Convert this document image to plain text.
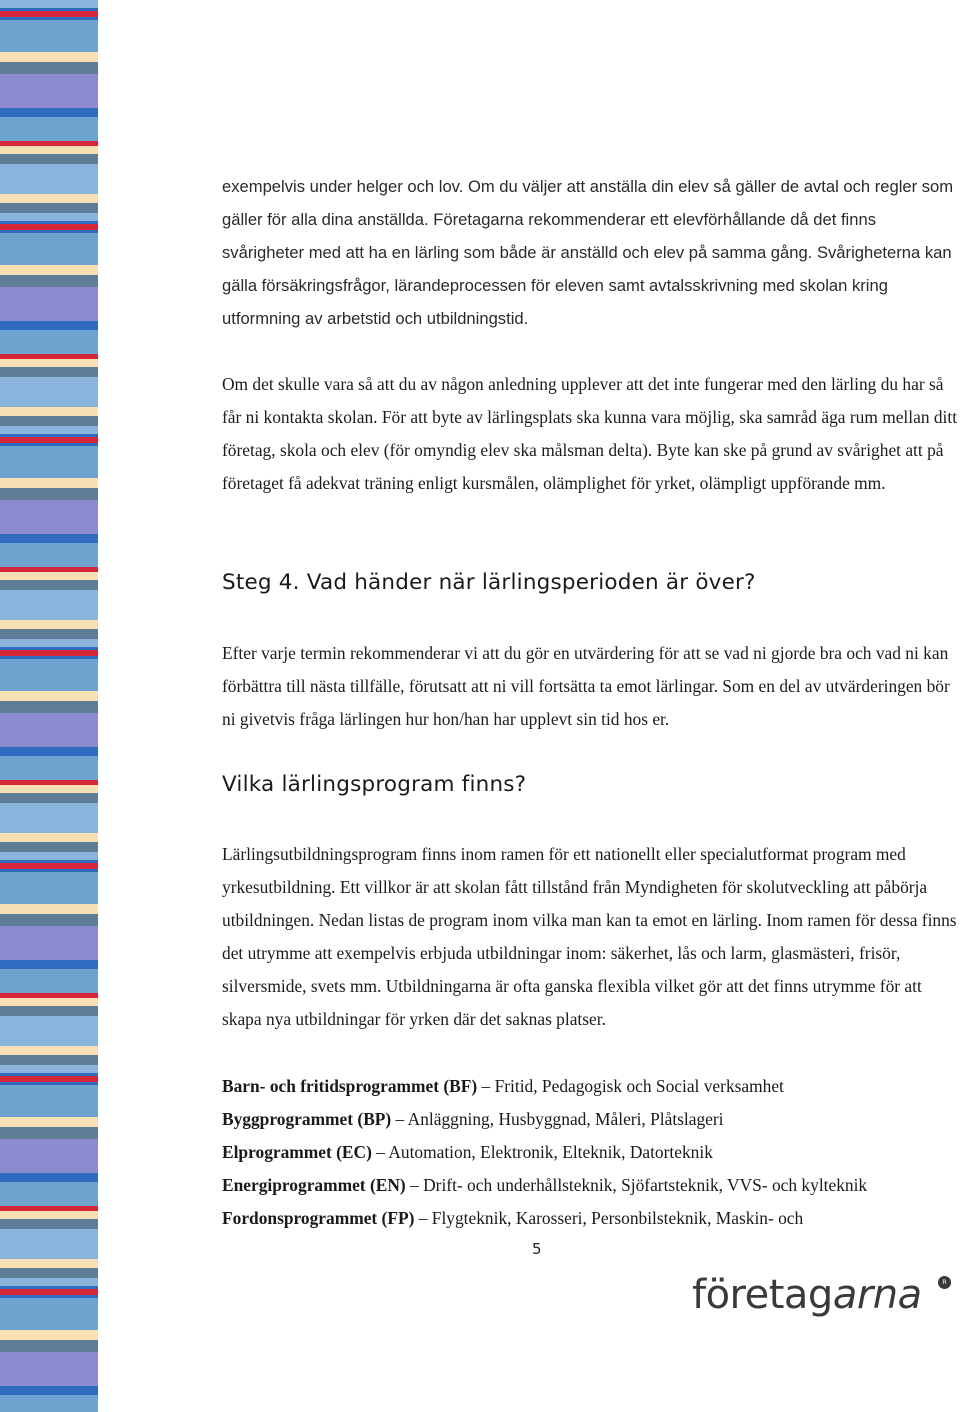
exempelvis under helger och lov. Om du väljer att anställa din elev så gäller de avtal och regler som gäller för alla dina anställda. Företagarna rekommenderar ett elevförhållande då det finns svårigheter med att ha en lärling som både är anställd och elev på samma gång. Svårigheterna kan gälla försäkringsfrågor, lärandeprocessen för eleven samt avtalsskrivning med skolan kring utformning av arbetstid och utbildningstid.

Om det skulle vara så att du av någon anledning upplever att det inte fungerar med den lärling du har så får ni kontakta skolan. För att byte av lärlingsplats ska kunna vara möjlig, ska samråd äga rum mellan ditt företag, skola och elev (för omyndig elev ska målsman delta). Byte kan ske på grund av svårighet att på företaget få adekvat träning enligt kursmålen, olämplighet för yrket, olämpligt uppförande mm.

Steg 4. Vad händer när lärlingsperioden är över?

Efter varje termin rekommenderar vi att du gör en utvärdering för att se vad ni gjorde bra och vad ni kan förbättra till nästa tillfälle, förutsatt att ni vill fortsätta ta emot lärlingar. Som en del av utvärderingen bör ni givetvis fråga lärlingen hur hon/han har upplevt sin tid hos er.

Vilka lärlingsprogram finns?

Lärlingsutbildningsprogram finns inom ramen för ett nationellt eller specialutformat program med yrkesutbildning. Ett villkor är att skolan fått tillstånd från Myndigheten för skolutveckling att påbörja utbildningen. Nedan listas de program inom vilka man kan ta emot en lärling. Inom ramen för dessa finns det utrymme att exempelvis erbjuda utbildningar inom: säkerhet, lås och larm, glasmästeri, frisör, silversmide, svets mm. Utbildningarna är ofta ganska flexibla vilket gör att det finns utrymme för att skapa nya utbildningar för yrken där det saknas platser.

Barn- och fritidsprogrammet (BF) – Fritid, Pedagogisk och Social verksamhet
Byggprogrammet (BP) – Anläggning, Husbyggnad, Måleri, Plåtslageri
Elprogrammet (EC) – Automation, Elektronik, Elteknik, Datorteknik
Energiprogrammet (EN) – Drift- och underhållsteknik, Sjöfartsteknik, VVS- och kylteknik
Fordonsprogrammet (FP) – Flygteknik, Karosseri, Personbilsteknik, Maskin- och
5
företagarna	R
